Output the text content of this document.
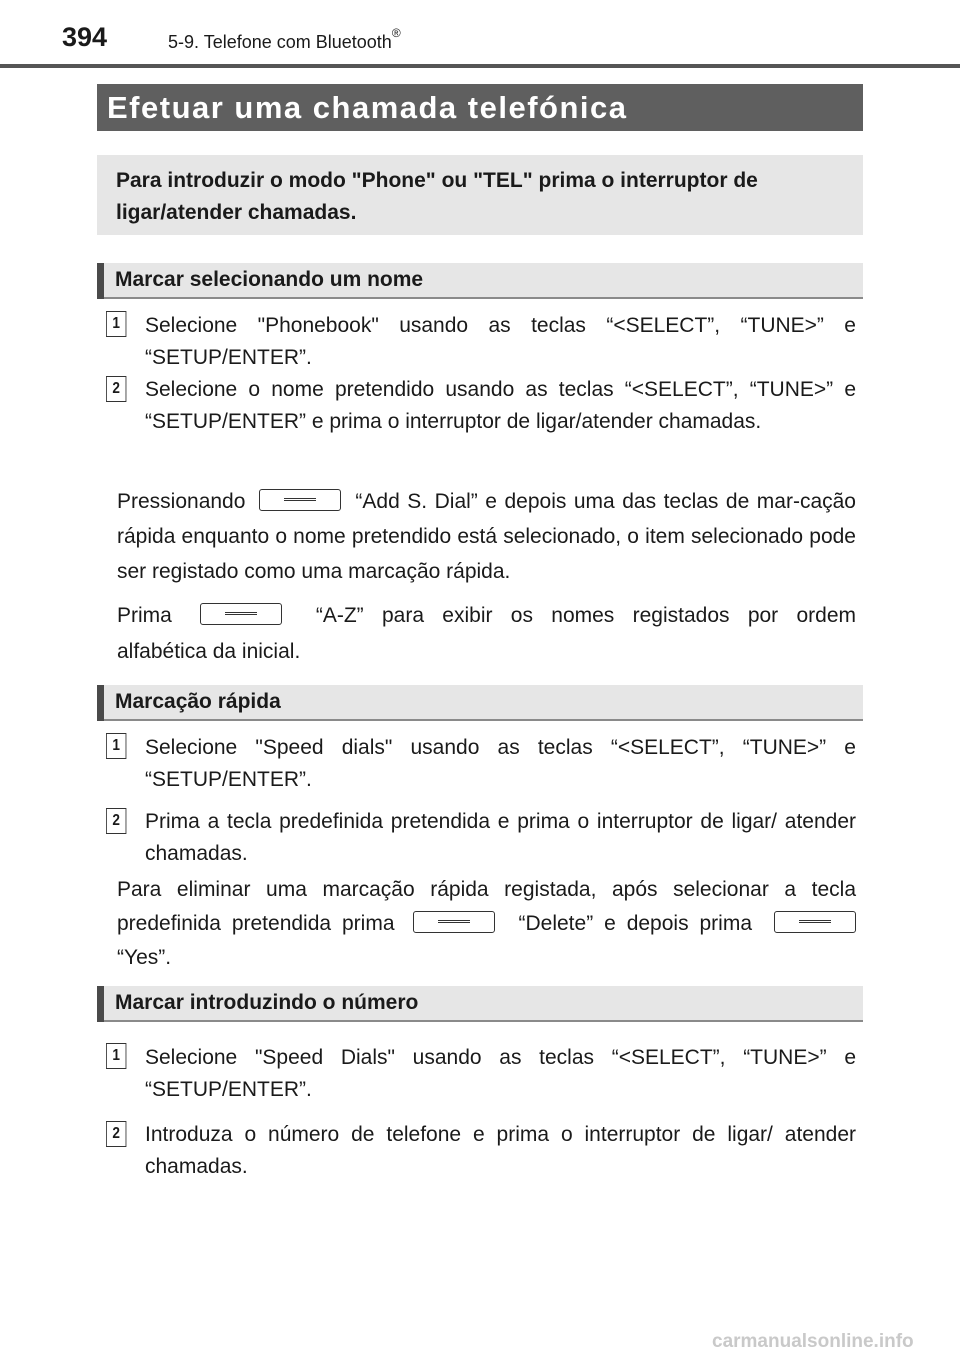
394	5-9. Telefone com Bluetooth®
Efetuar uma chamada telefónica
Para introduzir o modo "Phone" ou "TEL" prima o interruptor de ligar/atender chamadas.
Marcar selecionando um nome
1	Selecione "Phonebook" usando as teclas “<SELECT”, “TUNE>” e “SETUP/ENTER”.
2	Selecione o nome pretendido usando as teclas “<SELECT”, “TUNE>” e “SETUP/ENTER” e prima o interruptor de ligar/atender chamadas.
Pressionando	“Add S. Dial” e depois uma das teclas de mar-cação rápida enquanto o nome pretendido está selecionado, o item selecionado pode ser registado como uma marcação rápida.
Prima	“A-Z” para exibir os nomes registados por ordem alfabética da inicial.
Marcação rápida
1	Selecione "Speed dials" usando as teclas “<SELECT”, “TUNE>” e “SETUP/ENTER”.
2	Prima a tecla predefinida pretendida e prima o interruptor de ligar/ atender chamadas.
Para eliminar uma marcação rápida registada, após selecionar a tecla predefinida pretendida prima	“Delete” e depois prima “Yes”.
Marcar introduzindo o número
1	Selecione "Speed Dials" usando as teclas “<SELECT”, “TUNE>” e “SETUP/ENTER”.
2	Introduza o número de telefone e prima o interruptor de ligar/ atender chamadas.
carmanualsonline.info
